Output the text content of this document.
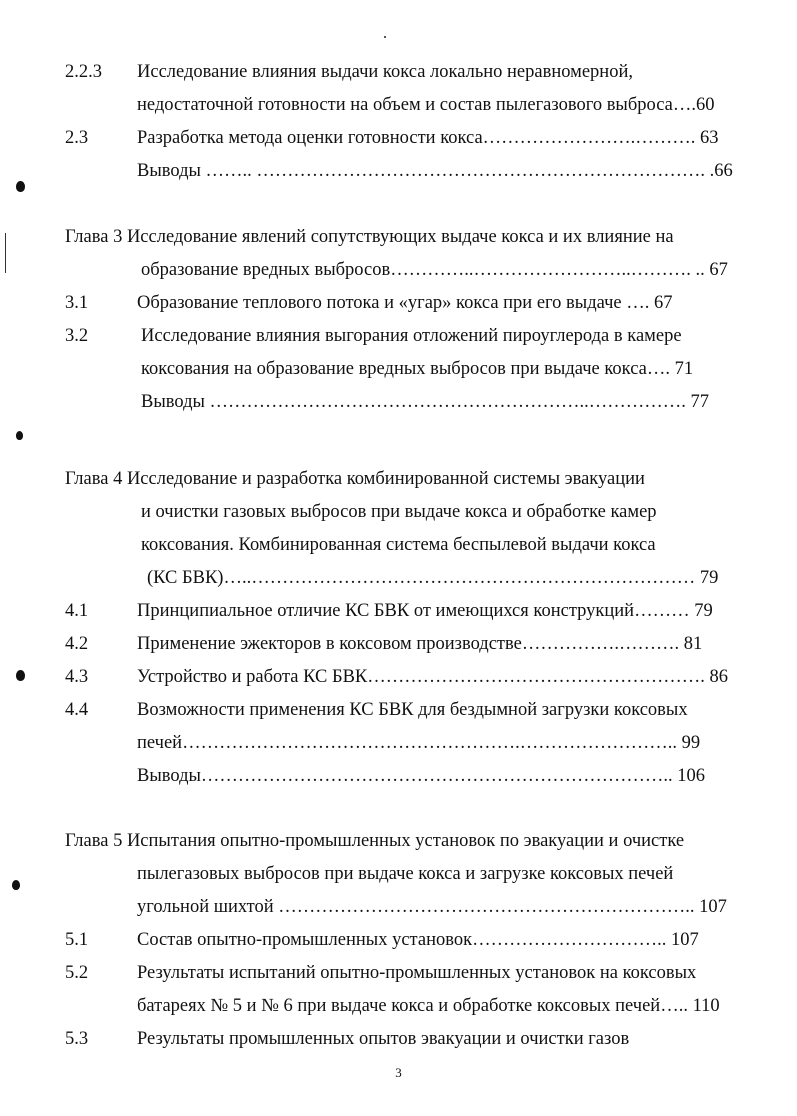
2.2.3 Исследование влияния выдачи кокса локально неравномерной,
недостаточной готовности на объем и состав пылегазового выброса….60
2.3	Разработка метода оценки готовности кокса…………………….………. 63
Выводы …….. ………………………………………………………………. .66
Глава 3 Исследование явлений сопутствующих выдаче кокса и их влияние на
образование вредных выбросов…………..……………………..………. .. 67
3.1	Образование теплового потока и «угар» кокса при его выдаче …. 67
3.2	Исследование влияния выгорания отложений пироуглерода в камере
коксования на образование вредных выбросов при выдаче кокса…. 71
Выводы ……………………………………………………..……………. 77
Глава 4 Исследование и разработка комбинированной системы эвакуации
и очистки газовых выбросов при выдаче кокса и обработке камер
коксования. Комбинированная система беспылевой выдачи кокса
(КС БВК)…..……………………………………………………………… 79
4.1	Принципиальное отличие КС БВК от имеющихся конструкций……… 79
4.2	Применение эжекторов в коксовом производстве…………….………. 81
4.3	Устройство и работа КС БВК………………………………………………. 86
4.4	Возможности применения КС БВК для бездымной загрузки коксовых
печей……………………………………………….…………………….. 99
Выводы………………………………………………………………….. 106
Глава 5 Испытания опытно-промышленных установок по эвакуации и очистке
пылегазовых выбросов при выдаче кокса и загрузке коксовых печей
угольной шихтой ………………………………………………………….. 107
5.1	Состав опытно-промышленных установок………………………….. 107
5.2	Результаты испытаний опытно-промышленных установок на коксовых
батареях № 5 и № 6 при выдаче кокса и обработке коксовых печей….. 110
5.3	Результаты промышленных опытов эвакуации и очистки газов
3
